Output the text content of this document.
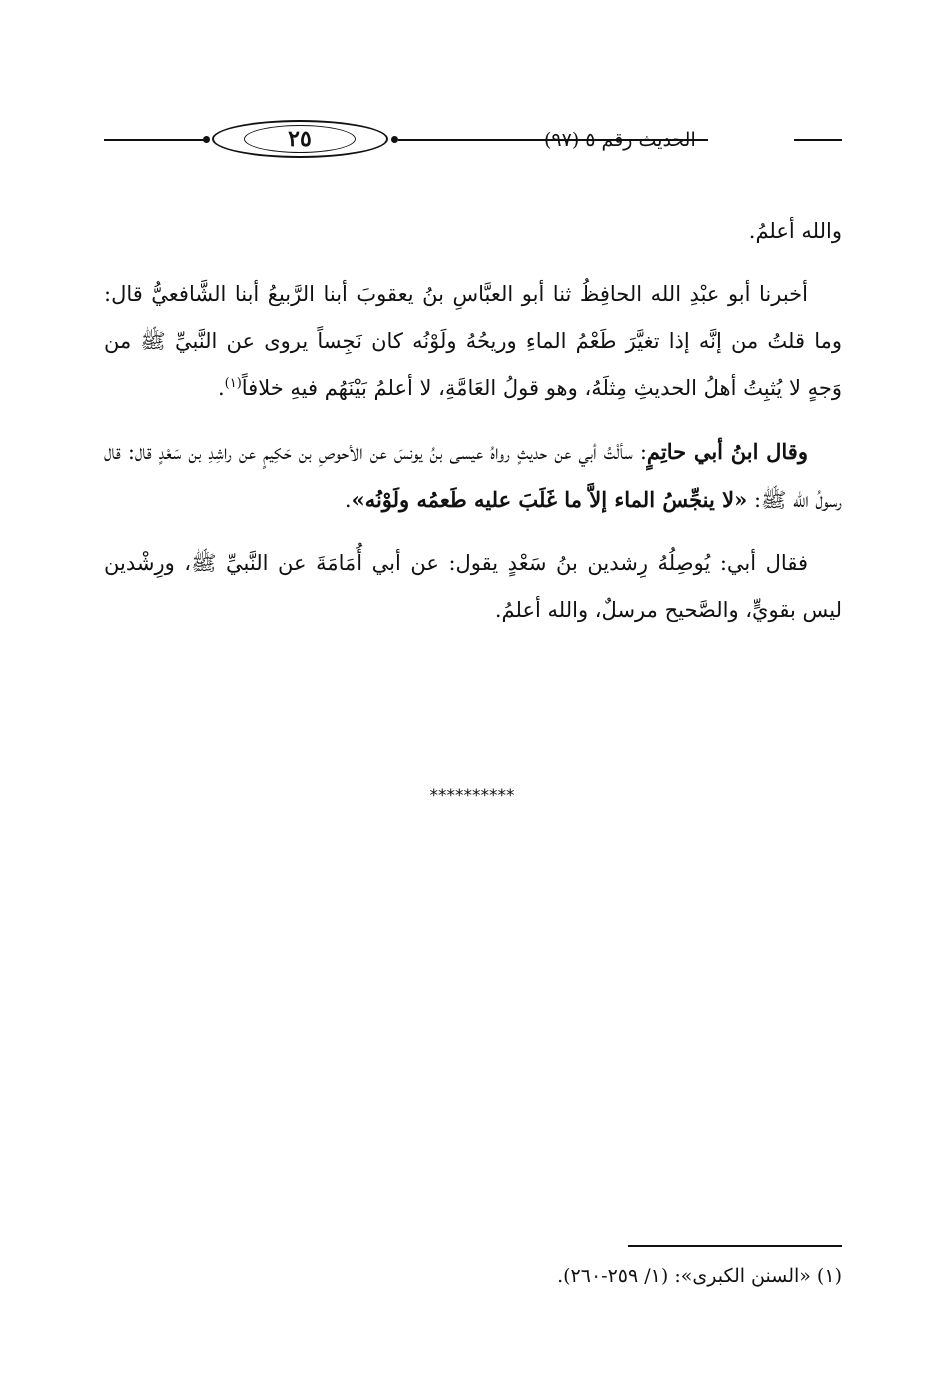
٢٥	الحديث رقم ٥ (٩٧)

والله أعلمُ.

أخبرنا أبو عبْدِ الله الحافِظُ ثنا أبو العبَّاسِ بنُ يعقوبَ أبنا الرَّبيعُ أبنا الشَّافعيُّ قال: وما قلتُ من إنَّه إذا تغيَّرَ طَعْمُ الماءِ وريحُهُ ولَوْنُه كان نَجِساً يروى عن النَّبيِّ ﷺ من وَجهٍ لا يُثبِتُ أهلُ الحديثِ مِثلَهُ، وهو قولُ العَامَّةِ، لا أعلمُ بَيْنَهُم فيهِ خلافاً$^{(١)}$.

وقال ابنُ أبي حاتِمٍ: سألْتُ أبي عن حديثٍ رواهُ عيسى بنُ يونسَ عن الأحوصِ بن حَكِيمٍ عن راشِدِ بن سَعْدٍ قال: قال رسولُ الله ﷺ: «لا ينجِّسُ الماء إلاَّ ما غَلَبَ عليه طَعمُه ولَوْنُه».

فقال أبي: يُوصِلُهُ رِشدين بنُ سَعْدٍ يقول: عن أبي أُمَامَةَ عن النَّبيِّ ﷺ، ورِشْدين ليس بقويٍّ، والصَّحيح مرسلٌ، والله أعلمُ.

**********
(١) «السنن الكبرى»: (١/ ٢٥٩-٢٦٠).
